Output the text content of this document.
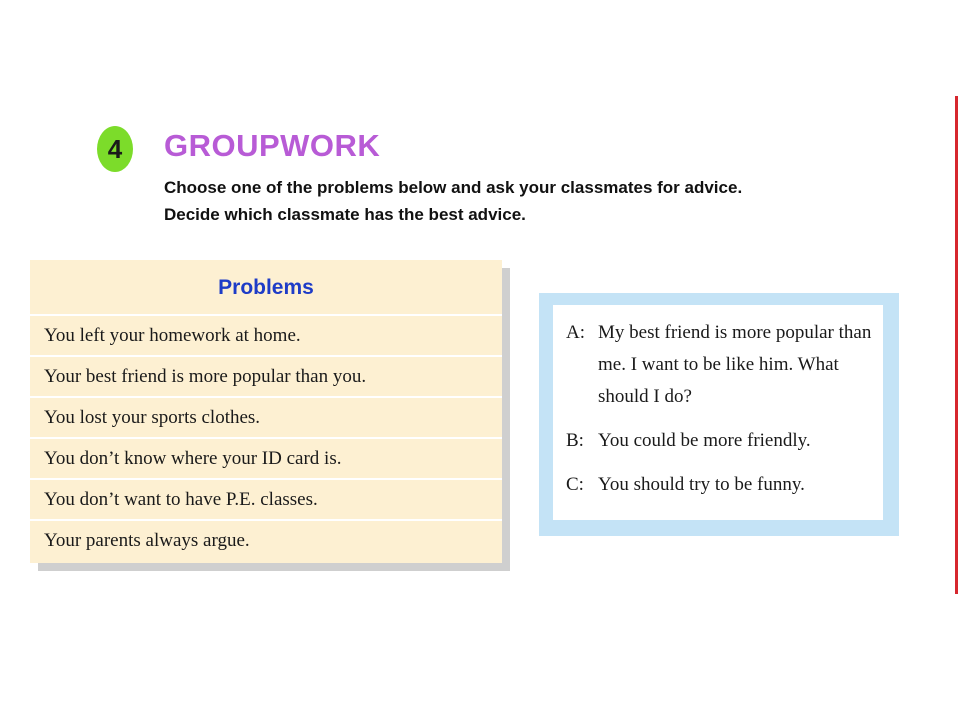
4 GROUPWORK
Choose one of the problems below and ask your classmates for advice.
Decide which classmate has the best advice.
Problems
You left your homework at home.
Your best friend is more popular than you.
You lost your sports clothes.
You don’t know where your ID card is.
You don’t want to have P.E. classes.
Your parents always argue.
A: My best friend is more popular than
me. I want to be like him. What
should I do?
B: You could be more friendly.
C: You should try to be funny.
